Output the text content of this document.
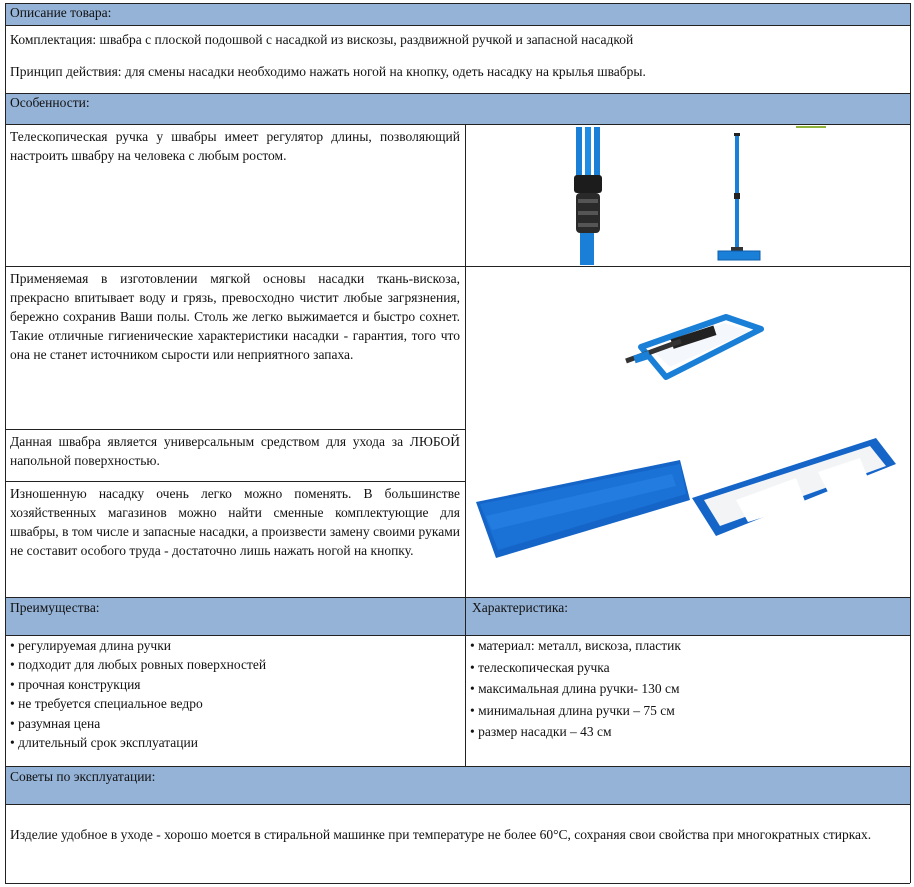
Описание товара:
Комплектация: швабра с плоской подошвой с насадкой из вискозы, раздвижной ручкой и запасной насадкой
Принцип действия: для смены насадки необходимо нажать ногой на кнопку, одеть насадку на крылья швабры.
Особенности:
Телескопическая ручка у швабры имеет регулятор длины, позволяющий настроить швабру на человека с любым ростом.
Применяемая в изготовлении мягкой основы насадки ткань-вискоза, прекрасно впитывает воду и грязь, превосходно чистит любые загрязнения, бережно сохранив Ваши полы. Столь же легко выжимается и быстро сохнет. Такие отличные гигиенические характеристики насадки - гарантия, того что она не станет источником сырости или неприятного запаха.
Данная швабра является универсальным средством для ухода за ЛЮБОЙ напольной поверхностью.
Изношенную насадку очень легко можно поменять. В большинстве хозяйственных магазинов можно найти сменные комплектующие для швабры, в том числе и запасные насадки, а произвести замену своими руками не составит особого труда - достаточно лишь нажать ногой на кнопку.
Преимущества:	Характеристика:
• регулируемая длина ручки
• подходит для любых ровных поверхностей
• прочная конструкция
• не требуется специальное ведро
• разумная цена
• длительный срок эксплуатации
• материал: металл, вискоза, пластик
• телескопическая ручка
• максимальная длина ручки- 130 см
• минимальная длина ручки – 75 см
• размер насадки – 43 см
Советы по эксплуатации:
Изделие удобное в уходе - хорошо моется в стиральной машинке при температуре не более 60°С, сохраняя свои свойства при многократных стирках.
